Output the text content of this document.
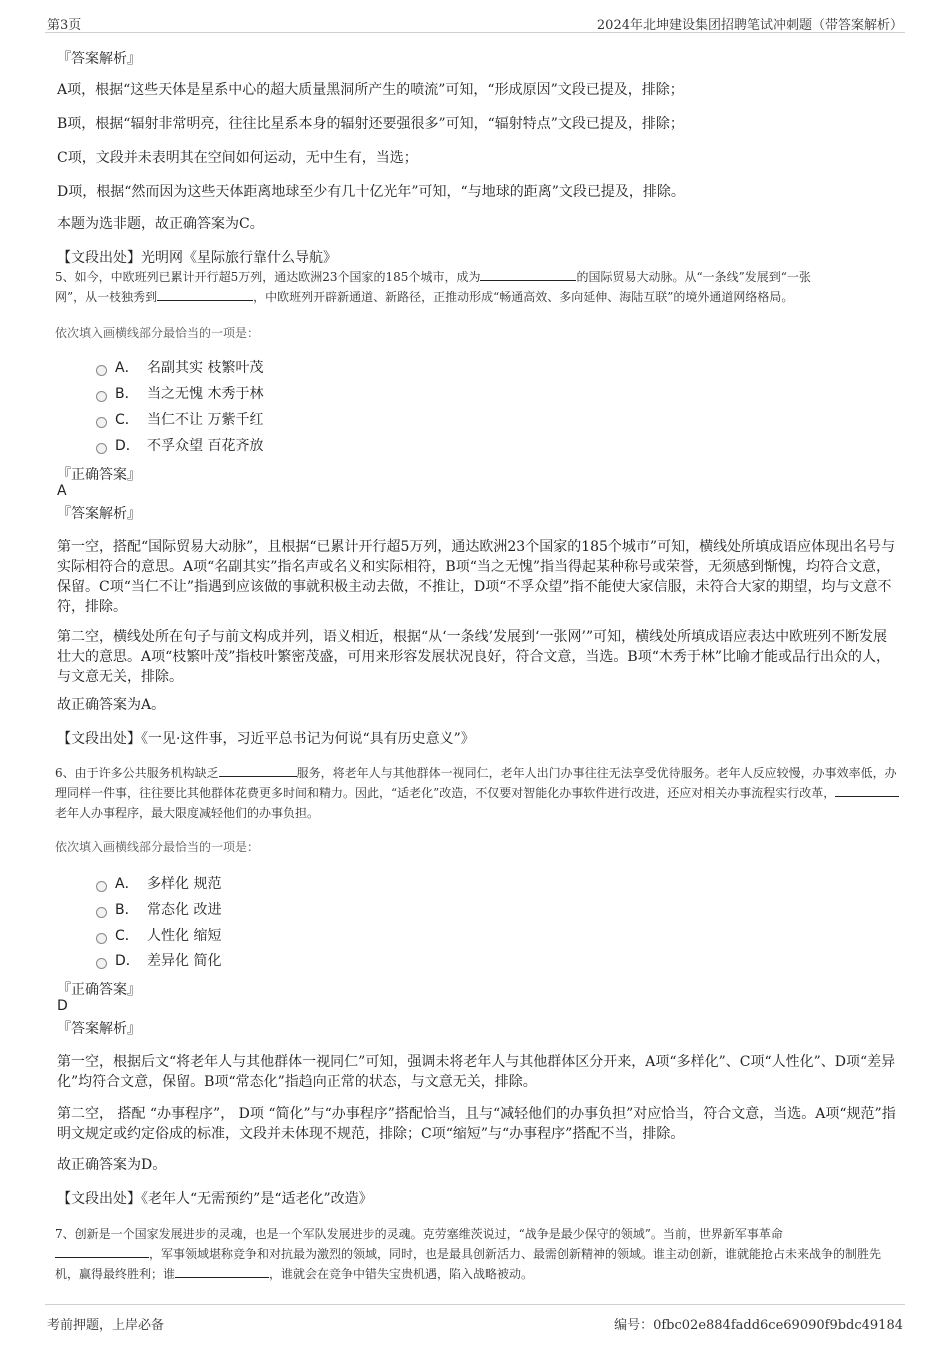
第3页	2024年北坤建设集团招聘笔试冲刺题（带答案解析）
『答案解析』

A项，根据“这些天体是星系中心的超大质量黑洞所产生的喷流”可知，“形成原因”文段已提及，排除；

B项，根据“辐射非常明亮，往往比星系本身的辐射还要强很多”可知，“辐射特点”文段已提及，排除；

C项，文段并未表明其在空间如何运动，无中生有，当选；

D项，根据“然而因为这些天体距离地球至少有几十亿光年”可知，“与地球的距离”文段已提及，排除。

本题为选非题，故正确答案为C。

【文段出处】光明网《星际旅行靠什么导航》

5、如今，中欧班列已累计开行超5万列，通达欧洲23个国家的185个城市，成为	的国际贸易大动脉。从“一条线”发展到“一张
网”，从一枝独秀到	，中欧班列开辟新通道、新路径，正推动形成“畅通高效、多向延伸、海陆互联”的境外通道网络格局。

依次填入画横线部分最恰当的一项是：
A． 名副其实 枝繁叶茂
B． 当之无愧 木秀于林
C． 当仁不让 万紫千红
D． 不孚众望 百花齐放
『正确答案』
A
『答案解析』

第一空，搭配“国际贸易大动脉”，且根据“已累计开行超5万列，通达欧洲23个国家的185个城市”可知，横线处所填成语应体现出名号与实际相符合的意思。A项“名副其实”指名声或名义和实际相符，B项“当之无愧”指当得起某种称号或荣誉，无须感到惭愧，均符合文意，保留。C项“当仁不让”指遇到应该做的事就积极主动去做，不推让，D项“不孚众望”指不能使大家信服，未符合大家的期望，均与文意不符，排除。

第二空，横线处所在句子与前文构成并列，语义相近，根据“从‘一条线’发展到‘一张网’”可知，横线处所填成语应表达中欧班列不断发展壮大的意思。A项“枝繁叶茂”指枝叶繁密茂盛，可用来形容发展状况良好，符合文意，当选。B项“木秀于林”比喻才能或品行出众的人，与文意无关，排除。

故正确答案为A。

【文段出处】《一见·这件事，习近平总书记为何说“具有历史意义”》

6、由于许多公共服务机构缺乏	服务，将老年人与其他群体一视同仁，老年人出门办事往往无法享受优待服务。老年人反应较慢，办事效率低，办理同样一件事，往往要比其他群体花费更多时间和精力。因此，“适老化”改造，不仅要对智能化办事软件进行改进，还应对相关办事流程实行改革，老年人办事程序，最大限度减轻他们的办事负担。

依次填入画横线部分最恰当的一项是：
A． 多样化 规范
B． 常态化 改进
C． 人性化 缩短
D． 差异化 简化
『正确答案』
D
『答案解析』

第一空，根据后文“将老年人与其他群体一视同仁”可知，强调未将老年人与其他群体区分开来，A项“多样化”、C项“人性化”、D项“差异化”均符合文意，保留。B项“常态化”指趋向正常的状态，与文意无关，排除。

第二空， 搭配 “办事程序”， D项 “简化”与“办事程序”搭配恰当，且与“减轻他们的办事负担”对应恰当，符合文意，当选。A项“规范”指明文规定或约定俗成的标准，文段并未体现不规范，排除；C项“缩短”与“办事程序”搭配不当，排除。

故正确答案为D。

【文段出处】《老年人“无需预约”是“适老化”改造》

7、创新是一个国家发展进步的灵魂，也是一个军队发展进步的灵魂。克劳塞维茨说过，“战争是最少保守的领域”。当前，世界新军事革命
，军事领域堪称竞争和对抗最为激烈的领域，同时，也是最具创新活力、最需创新精神的领域。谁主动创新，谁就能抢占未来战争的制胜先机，赢得最终胜利；谁	，谁就会在竞争中错失宝贵机遇，陷入战略被动。

考前押题，上岸必备	编号：0fbc02e884fadd6ce69090f9bdc49184
